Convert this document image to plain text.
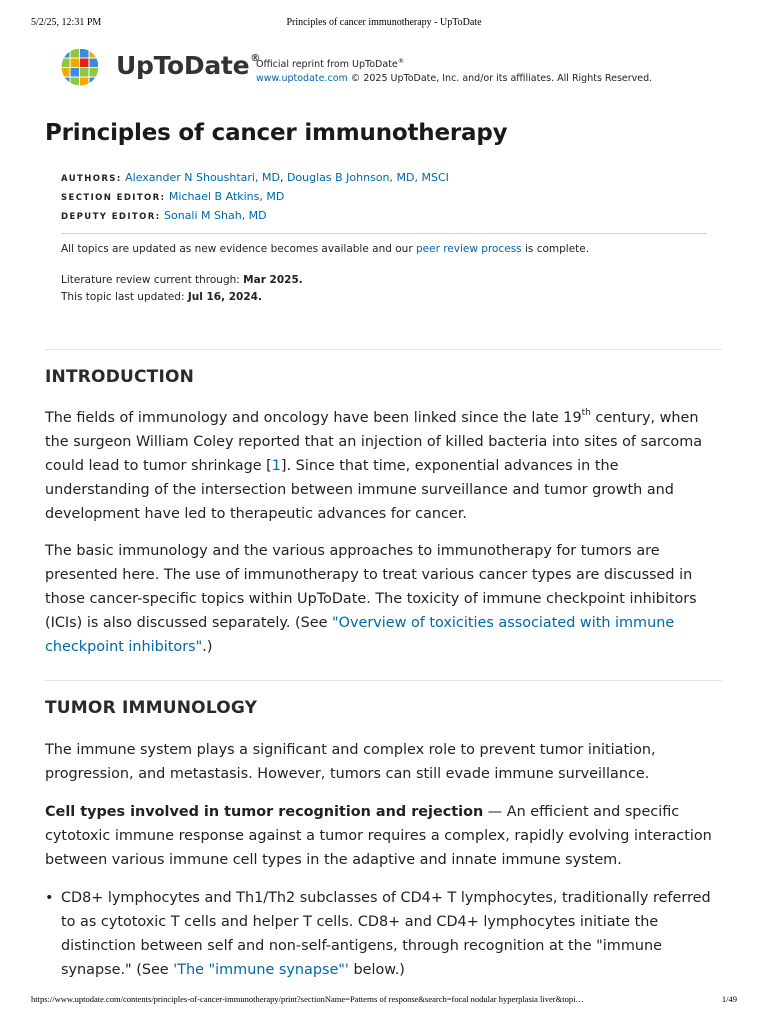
5/2/25, 12:31 PM	Principles of cancer immunotherapy - UpToDate
UpToDate®
Official reprint from UpToDate®
www.uptodate.com © 2025 UpToDate, Inc. and/or its affiliates. All Rights Reserved.
Principles of cancer immunotherapy
AUTHORS: Alexander N Shoushtari, MD, Douglas B Johnson, MD, MSCI
SECTION EDITOR: Michael B Atkins, MD
DEPUTY EDITOR: Sonali M Shah, MD
All topics are updated as new evidence becomes available and our peer review process is complete.
Literature review current through: Mar 2025.
This topic last updated: Jul 16, 2024.
INTRODUCTION

The fields of immunology and oncology have been linked since the late 19th century, when the surgeon William Coley reported that an injection of killed bacteria into sites of sarcoma could lead to tumor shrinkage [1]. Since that time, exponential advances in the understanding of the intersection between immune surveillance and tumor growth and development have led to therapeutic advances for cancer.

The basic immunology and the various approaches to immunotherapy for tumors are presented here. The use of immunotherapy to treat various cancer types are discussed in those cancer-specific topics within UpToDate. The toxicity of immune checkpoint inhibitors (ICIs) is also discussed separately. (See "Overview of toxicities associated with immune checkpoint inhibitors".)

TUMOR IMMUNOLOGY

The immune system plays a significant and complex role to prevent tumor initiation, progression, and metastasis. However, tumors can still evade immune surveillance.

Cell types involved in tumor recognition and rejection — An efficient and specific cytotoxic immune response against a tumor requires a complex, rapidly evolving interaction between various immune cell types in the adaptive and innate immune system.

• CD8+ lymphocytes and Th1/Th2 subclasses of CD4+ T lymphocytes, traditionally referred to as cytotoxic T cells and helper T cells. CD8+ and CD4+ lymphocytes initiate the distinction between self and non-self-antigens, through recognition at the "immune synapse." (See 'The "immune synapse"' below.)
https://www.uptodate.com/contents/principles-of-cancer-immunotherapy/print?sectionName=Patterns of response&search=focal nodular hyperplasia liver&topi…	1/49
